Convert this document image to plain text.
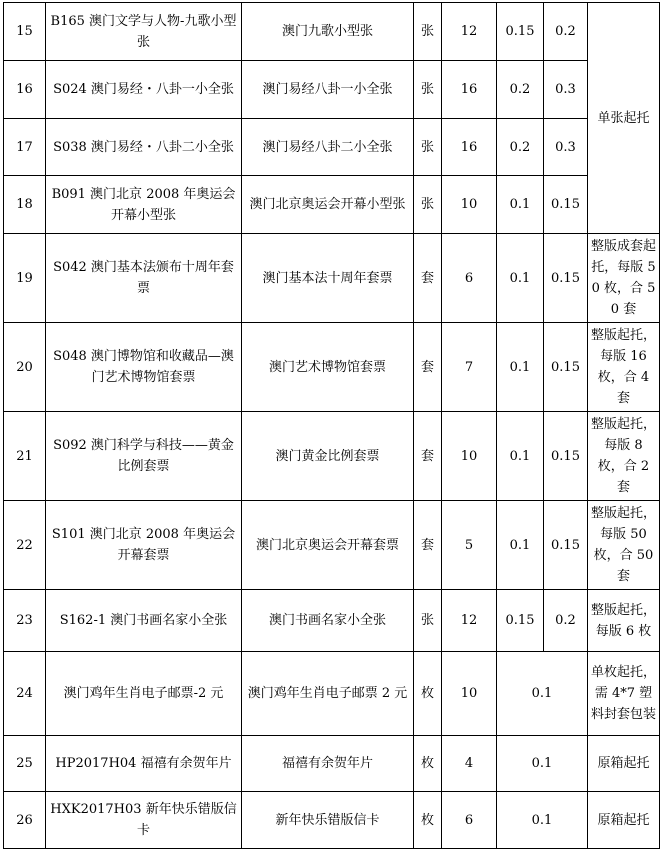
15	B165 澳门文学与人物-九歌小型张	澳门九歌小型张	张	12	0.15	0.2	单张起托
16	S024 澳门易经・八卦一小全张	澳门易经八卦一小全张	张	16	0.2	0.3	
17	S038 澳门易经・八卦二小全张	澳门易经八卦二小全张	张	16	0.2	0.3	
18	B091 澳门北京 2008 年奥运会开幕小型张	澳门北京奥运会开幕小型张	张	10	0.1	0.15	
19	S042 澳门基本法颁布十周年套票	澳门基本法十周年套票	套	6	0.1	0.15	整版成套起托，每版 50 枚，合 50 套
20	S048 澳门博物馆和收藏品—澳门艺术博物馆套票	澳门艺术博物馆套票	套	7	0.1	0.15	整版起托，每版 16 枚，合 4 套
21	S092 澳门科学与科技——黄金比例套票	澳门黄金比例套票	套	10	0.1	0.15	整版起托，每版 8 枚，合 2 套
22	S101 澳门北京 2008 年奥运会开幕套票	澳门北京奥运会开幕套票	套	5	0.1	0.15	整版起托，每版 50 枚，合 50 套
23	S162-1 澳门书画名家小全张	澳门书画名家小全张	张	12	0.15	0.2	整版起托，每版 6 枚
24	澳门鸡年生肖电子邮票-2 元	澳门鸡年生肖电子邮票 2 元	枚	10	0.1		单枚起托，需 4*7 塑料封套包装
25	HP2017H04 福禧有余贺年片	福禧有余贺年片	枚	4	0.1		原箱起托
26	HXK2017H03 新年快乐错版信卡	新年快乐错版信卡	枚	6	0.1		原箱起托
